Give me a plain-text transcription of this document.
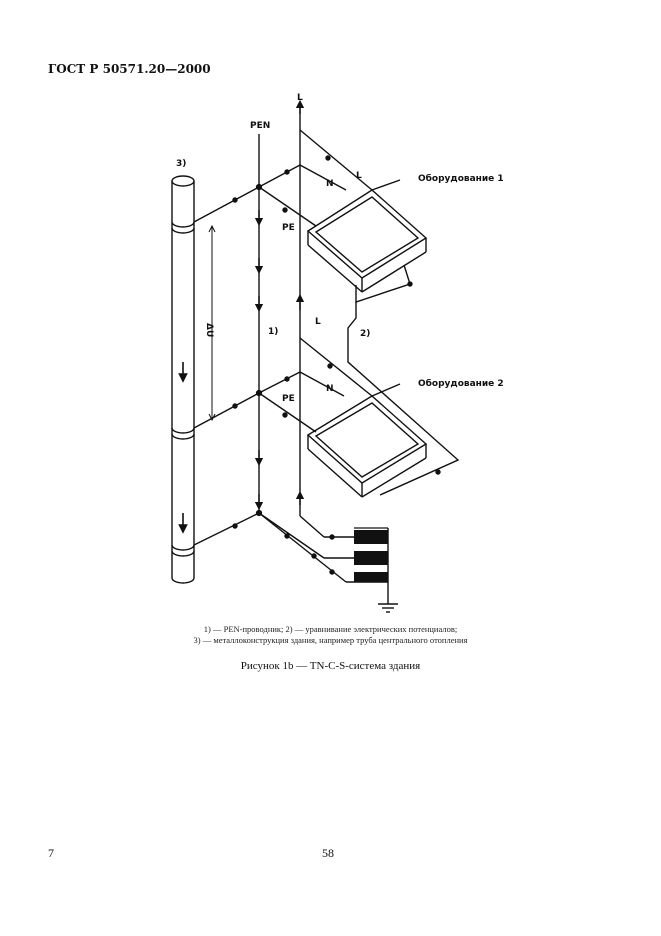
ГОСТ Р 50571.20—2000
L
PEN
N
L
PE
Оборудование 1
3)
ΔU	1)
L
2)
Оборудование 2
N
PE
1) — PEN-проводник; 2) — уравнивание электрических потенциалов;
3) — металлоконструкция здания, например труба центрального отопления
Рисунок 1b — TN-C-S-система здания
7	58
